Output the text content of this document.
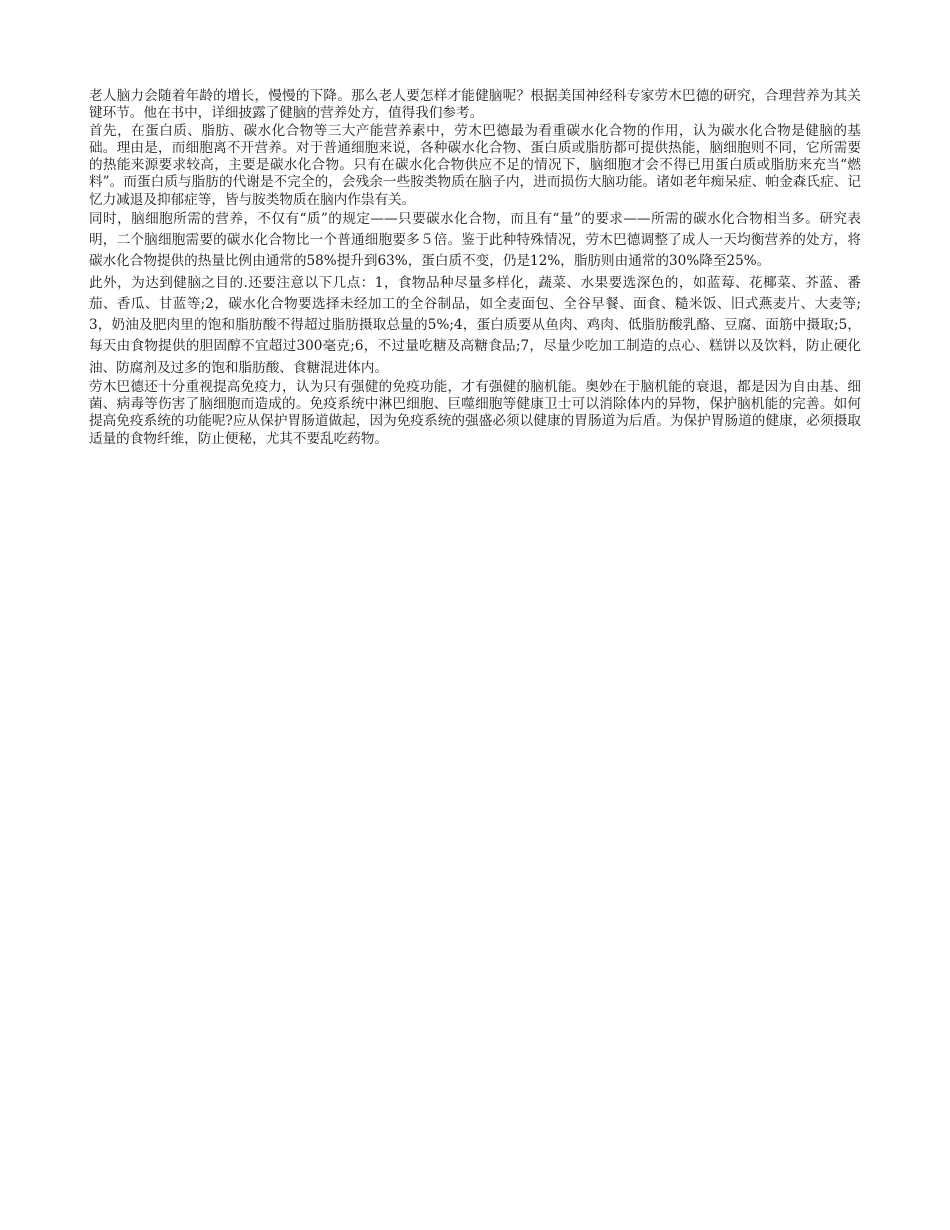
老人脑力会随着年龄的增长，慢慢的下降。那么老人要怎样才能健脑呢？根据美国神经科专家劳木巴德的研究，合理营养为其关键环节。他在书中，详细披露了健脑的营养处方，值得我们参考。

首先，在蛋白质、脂肪、碳水化合物等三大产能营养素中，劳木巴德最为看重碳水化合物的作用，认为碳水化合物是健脑的基础。理由是，而细胞离不开营养。对于普通细胞来说，各种碳水化合物、蛋白质或脂肪都可提供热能，脑细胞则不同，它所需要的热能来源要求较高，主要是碳水化合物。只有在碳水化合物供应不足的情况下，脑细胞才会不得已用蛋白质或脂肪来充当“燃料”。而蛋白质与脂肪的代谢是不完全的，会残余一些胺类物质在脑子内，进而损伤大脑功能。诸如老年痴呆症、帕金森氏症、记忆力减退及抑郁症等，皆与胺类物质在脑内作祟有关。

同时，脑细胞所需的营养，不仅有“质”的规定——只要碳水化合物，而且有“量”的要求——所需的碳水化合物相当多。研究表明，二个脑细胞需要的碳水化合物比一个普通细胞要多５倍。鉴于此种特殊情况，劳木巴德调整了成人一天均衡营养的处方，将碳水化合物提供的热量比例由通常的58%提升到63%，蛋白质不变，仍是12%，脂肪则由通常的30%降至25%。

此外，为达到健脑之目的.还要注意以下几点：1，食物品种尽量多样化，蔬菜、水果要选深色的，如蓝莓、花椰菜、芥蓝、番茄、香瓜、甘蓝等;2，碳水化合物要选择未经加工的全谷制品，如全麦面包、全谷早餐、面食、糙米饭、旧式燕麦片、大麦等;3，奶油及肥肉里的饱和脂肪酸不得超过脂肪摄取总量的5%;4，蛋白质要从鱼肉、鸡肉、低脂肪酸乳酪、豆腐、面筋中摄取;5，每天由食物提供的胆固醇不宜超过300毫克;6，不过量吃糖及高糖食品;7，尽量少吃加工制造的点心、糕饼以及饮料，防止硬化油、防腐剂及过多的饱和脂肪酸、食糖混进体内。

劳木巴德还十分重视提高免疫力，认为只有强健的免疫功能，才有强健的脑机能。奥妙在于脑机能的衰退，都是因为自由基、细菌、病毒等伤害了脑细胞而造成的。免疫系统中淋巴细胞、巨噬细胞等健康卫士可以消除体内的异物，保护脑机能的完善。如何提高免疫系统的功能呢?应从保护胃肠道做起，因为免疫系统的强盛必须以健康的胃肠道为后盾。为保护胃肠道的健康，必须摄取适量的食物纤维，防止便秘，尤其不要乱吃药物。
